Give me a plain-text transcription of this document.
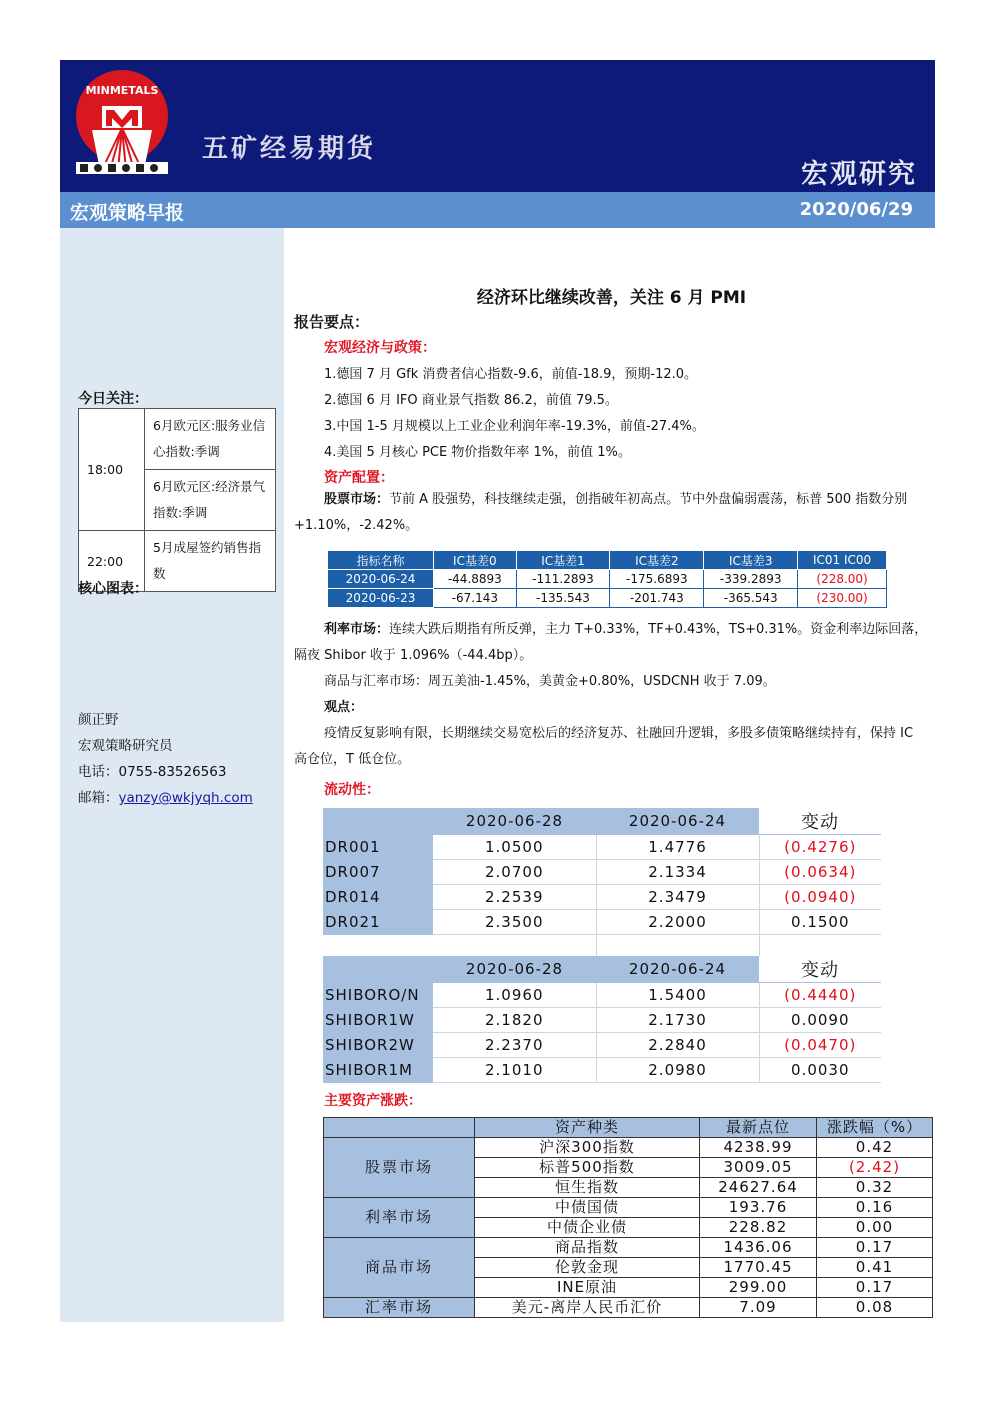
MINMETALS
五矿经易期货
宏观研究
宏观策略早报	2020/06/29
今日关注：
18:00	6月欧元区:服务业信心指数:季调
	6月欧元区:经济景气指数:季调
22:00	5月成屋签约销售指数
核心图表：
颜正野
宏观策略研究员
电话：0755-83526563
邮箱：yanzy@wkjyqh.com
经济环比继续改善，关注 6 月 PMI
报告要点：
宏观经济与政策：
1.德国 7 月 Gfk 消费者信心指数-9.6，前值-18.9，预期-12.0。
2.德国 6 月 IFO 商业景气指数 86.2，前值 79.5。
3.中国 1-5 月规模以上工业企业利润年率-19.3%，前值-27.4%。
4.美国 5 月核心 PCE 物价指数年率 1%，前值 1%。
资产配置：
股票市场：节前 A 股强势，科技继续走强，创指破年初高点。节中外盘偏弱震荡，标普 500 指数分别+1.10%，-2.42%。
指标名称	IC基差0	IC基差1	IC基差2	IC基差3	IC01 IC00
2020-06-24	-44.8893	-111.2893	-175.6893	-339.2893	(228.00)
2020-06-23	-67.143	-135.543	-201.743	-365.543	(230.00)
利率市场：连续大跌后期指有所反弹，主力 T+0.33%，TF+0.43%，TS+0.31%。资金利率边际回落，隔夜 Shibor 收于 1.096%（-44.4bp）。
商品与汇率市场：周五美油-1.45%，美黄金+0.80%，USDCNH 收于 7.09。
观点：
疫情反复影响有限，长期继续交易宽松后的经济复苏、社融回升逻辑，多股多债策略继续持有，保持 IC 高仓位，T 低仓位。
流动性：
	2020-06-28	2020-06-24	变动
DR001	1.0500	1.4776	(0.4276)
DR007	2.0700	2.1334	(0.0634)
DR014	2.2539	2.3479	(0.0940)
DR021	2.3500	2.2000	0.1500

	2020-06-28	2020-06-24	变动
SHIBORO/N	1.0960	1.5400	(0.4440)
SHIBOR1W	2.1820	2.1730	0.0090
SHIBOR2W	2.2370	2.2840	(0.0470)
SHIBOR1M	2.1010	2.0980	0.0030
主要资产涨跌：
	资产种类	最新点位	涨跌幅（%）
股票市场	沪深300指数	4238.99	0.42
	标普500指数	3009.05	(2.42)
	恒生指数	24627.64	0.32
利率市场	中债国债	193.76	0.16
	中债企业债	228.82	0.00
商品市场	商品指数	1436.06	0.17
	伦敦金现	1770.45	0.41
	INE原油	299.00	0.17
汇率市场	美元-离岸人民币汇价	7.09	0.08
